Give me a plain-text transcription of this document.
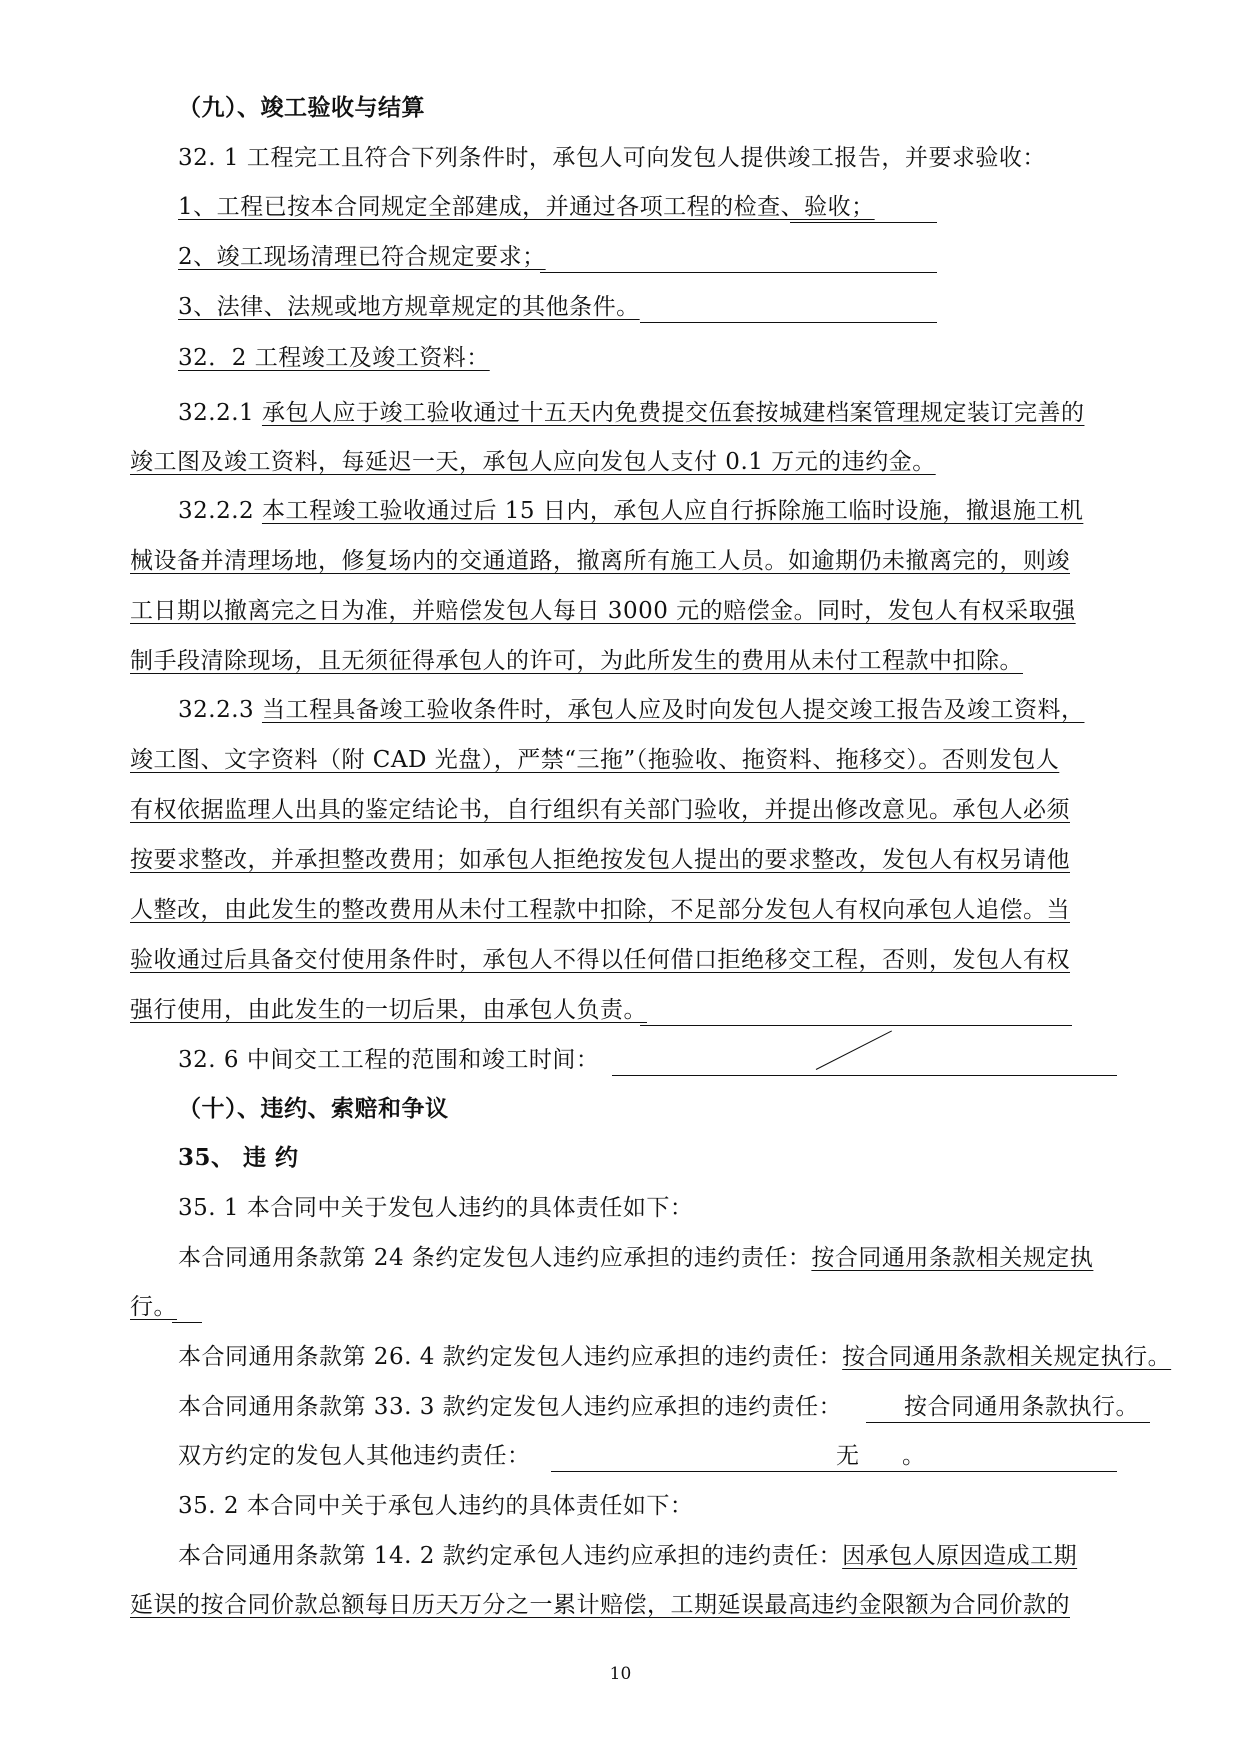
（九）、竣工验收与结算
32. 1 工程完工且符合下列条件时，承包人可向发包人提供竣工报告，并要求验收：
1、工程已按本合同规定全部建成，并通过各项工程的检查、验收；
2、竣工现场清理已符合规定要求；
3、法律、法规或地方规章规定的其他条件。
32．2 工程竣工及竣工资料：
32.2.1 承包人应于竣工验收通过十五天内免费提交伍套按城建档案管理规定装订完善的
竣工图及竣工资料，每延迟一天，承包人应向发包人支付 0.1 万元的违约金。
32.2.2 本工程竣工验收通过后 15 日内，承包人应自行拆除施工临时设施，撤退施工机
械设备并清理场地，修复场内的交通道路，撤离所有施工人员。如逾期仍未撤离完的，则竣
工日期以撤离完之日为准，并赔偿发包人每日 3000 元的赔偿金。同时，发包人有权采取强
制手段清除现场，且无须征得承包人的许可，为此所发生的费用从未付工程款中扣除。
32.2.3 当工程具备竣工验收条件时，承包人应及时向发包人提交竣工报告及竣工资料，
竣工图、文字资料（附 CAD 光盘），严禁“三拖”（拖验收、拖资料、拖移交）。否则发包人
有权依据监理人出具的鉴定结论书，自行组织有关部门验收，并提出修改意见。承包人必须
按要求整改，并承担整改费用；如承包人拒绝按发包人提出的要求整改，发包人有权另请他
人整改，由此发生的整改费用从未付工程款中扣除，不足部分发包人有权向承包人追偿。当
验收通过后具备交付使用条件时，承包人不得以任何借口拒绝移交工程，否则，发包人有权
强行使用，由此发生的一切后果，由承包人负责。
32. 6 中间交工工程的范围和竣工时间：
（十）、违约、索赔和争议
35、 违 约
35. 1 本合同中关于发包人违约的具体责任如下：
本合同通用条款第 24 条约定发包人违约应承担的违约责任：按合同通用条款相关规定执
行。
本合同通用条款第 26. 4 款约定发包人违约应承担的违约责任：按合同通用条款相关规定执行。
本合同通用条款第 33. 3 款约定发包人违约应承担的违约责任：	按合同通用条款执行。
双方约定的发包人其他违约责任：	无 。
35. 2 本合同中关于承包人违约的具体责任如下：
本合同通用条款第 14. 2 款约定承包人违约应承担的违约责任：因承包人原因造成工期
延误的按合同价款总额每日历天万分之一累计赔偿，工期延误最高违约金限额为合同价款的
10
